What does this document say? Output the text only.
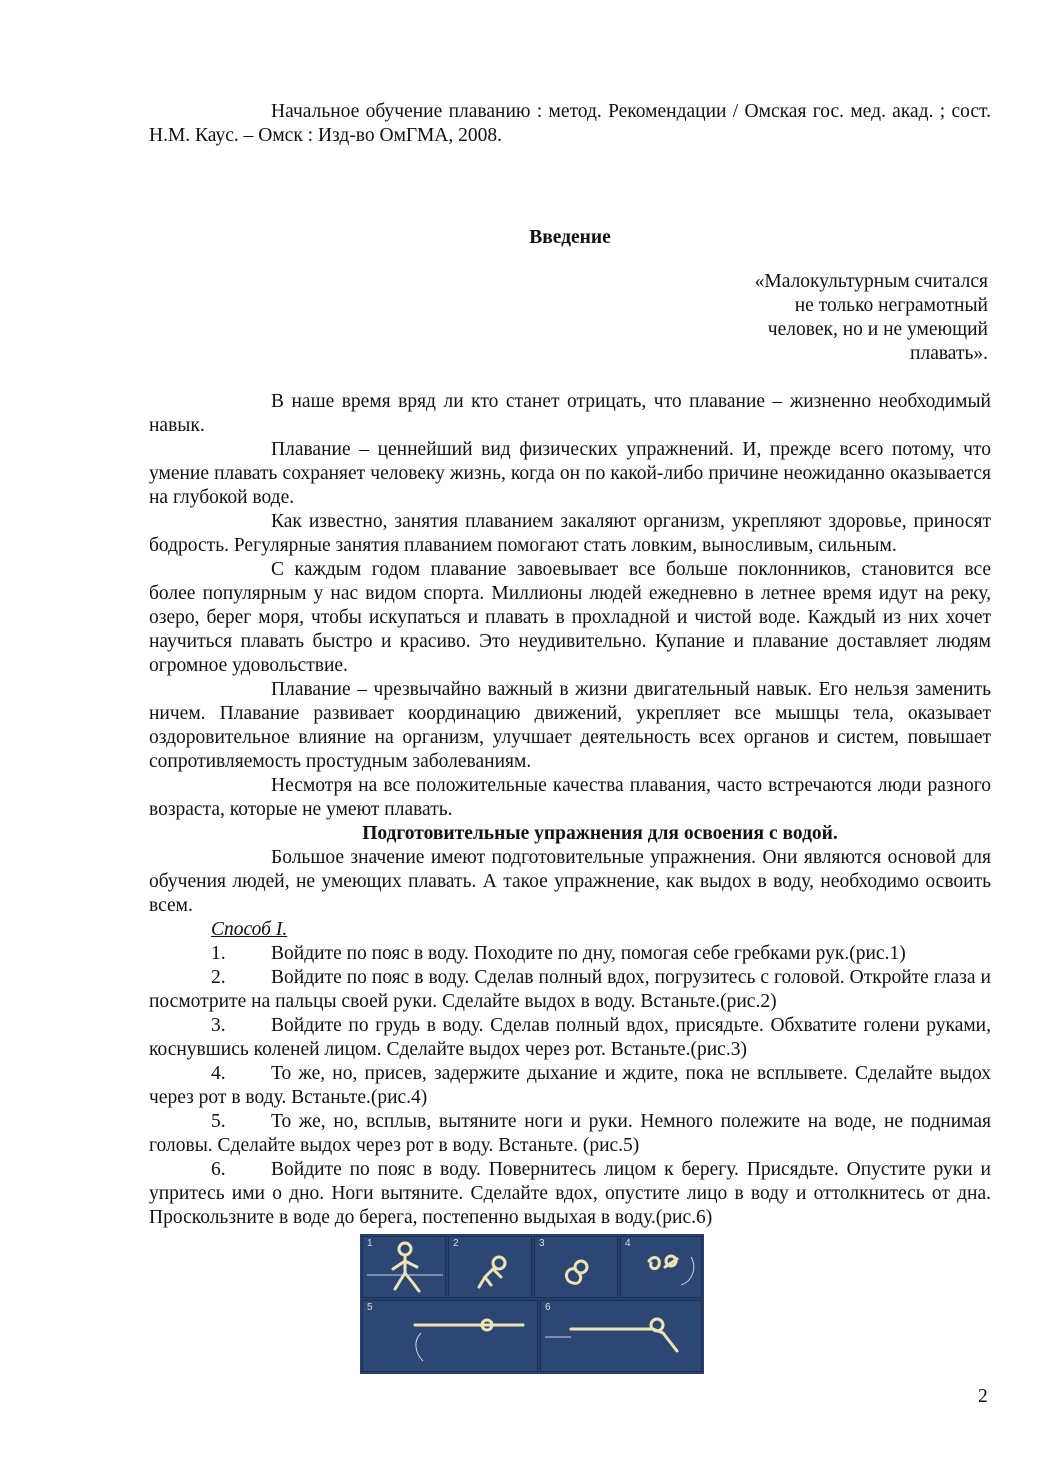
Начальное обучение плаванию : метод. Рекомендации / Омская гос. мед. акад. ; сост. Н.М. Каус. – Омск : Изд-во ОмГМА, 2008.

Введение
«Малокультурным считался
не только неграмотный
человек, но и не умеющий
плавать».

В наше время вряд ли кто станет отрицать, что плавание – жизненно необходимый навык.

Плавание – ценнейший вид физических упражнений. И, прежде всего потому, что умение плавать сохраняет человеку жизнь, когда он по какой-либо причине неожиданно оказывается на глубокой воде.

Как известно, занятия плаванием закаляют организм, укрепляют здоровье, приносят бодрость. Регулярные занятия плаванием помогают стать ловким, выносливым, сильным.

С каждым годом плавание завоевывает все больше поклонников, становится все более популярным у нас видом спорта. Миллионы людей ежедневно в летнее время идут на реку, озеро, берег моря, чтобы искупаться и плавать в прохладной и чистой воде. Каждый из них хочет научиться плавать быстро и красиво. Это неудивительно. Купание и плавание доставляет людям огромное удовольствие.

Плавание – чрезвычайно важный в жизни двигательный навык. Его нельзя заменить ничем. Плавание развивает координацию движений, укрепляет все мышцы тела, оказывает оздоровительное влияние на организм, улучшает деятельность всех органов и систем, повышает сопротивляемость простудным заболеваниям.

Несмотря на все положительные качества плавания, часто встречаются люди разного возраста, которые не умеют плавать.

Подготовительные упражнения для освоения с водой.

Большое значение имеют подготовительные упражнения. Они являются основой для обучения людей, не умеющих плавать. А такое упражнение, как выдох в воду, необходимо освоить всем.

Способ I.

1. Войдите по пояс в воду. Походите по дну, помогая себе гребками рук.(рис.1)

2. Войдите по пояс в воду. Сделав полный вдох, погрузитесь с головой. Откройте глаза и посмотрите на пальцы своей руки. Сделайте выдох в воду. Встаньте.(рис.2)

3. Войдите по грудь в воду. Сделав полный вдох, присядьте. Обхватите голени руками, коснувшись коленей лицом. Сделайте выдох через рот. Встаньте.(рис.3)

4. То же, но, присев, задержите дыхание и ждите, пока не всплывете. Сделайте выдох через рот в воду. Встаньте.(рис.4)

5. То же, но, всплыв, вытяните ноги и руки. Немного полежите на воде, не поднимая головы. Сделайте выдох через рот в воду. Встаньте. (рис.5)

6. Войдите по пояс в воду. Повернитесь лицом к берегу. Присядьте. Опустите руки и упритесь ими о дно. Ноги вытяните. Сделайте вдох, опустите лицо в воду и оттолкнитесь от дна. Проскользните в воде до берега, постепенно выдыхая в воду.(рис.6)

1	2	3	4
5	6
2
